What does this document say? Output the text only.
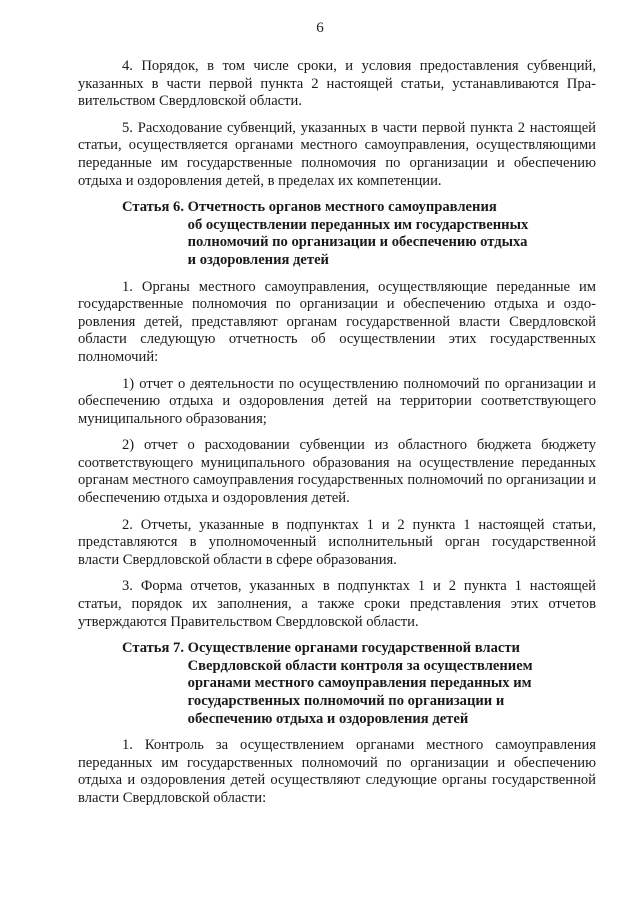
6

4. Порядок, в том числе сроки, и условия предоставления субвенций, указанных в части первой пункта 2 настоящей статьи, устанавливаются Правительством Свердловской области.

5. Расходование субвенций, указанных в части первой пункта 2 настоящей статьи, осуществляется органами местного самоуправления, осуществляющими переданные им государственные полномочия по организации и обеспечению отдыха и оздоровления детей, в пределах их компетенции.

Статья 6. Отчетность органов местного самоуправления
об осуществлении переданных им государственных
полномочий по организации и обеспечению отдыха
и оздоровления детей

1. Органы местного самоуправления, осуществляющие переданные им государственные полномочия по организации и обеспечению отдыха и оздоровления детей, представляют органам государственной власти Свердловской области следующую отчетность об осуществлении этих государственных полномочий:

1) отчет о деятельности по осуществлению полномочий по организации и обеспечению отдыха и оздоровления детей на территории соответствующего муниципального образования;

2) отчет о расходовании субвенции из областного бюджета бюджету соответствующего муниципального образования на осуществление переданных органам местного самоуправления государственных полномочий по организации и обеспечению отдыха и оздоровления детей.

2. Отчеты, указанные в подпунктах 1 и 2 пункта 1 настоящей статьи, представляются в уполномоченный исполнительный орган государственной власти Свердловской области в сфере образования.

3. Форма отчетов, указанных в подпунктах 1 и 2 пункта 1 настоящей статьи, порядок их заполнения, а также сроки представления этих отчетов утверждаются Правительством Свердловской области.

Статья 7. Осуществление органами государственной власти
Свердловской области контроля за осуществлением
органами местного самоуправления переданных им
государственных полномочий по организации и
обеспечению отдыха и оздоровления детей

1. Контроль за осуществлением органами местного самоуправления переданных им государственных полномочий по организации и обеспечению отдыха и оздоровления детей осуществляют следующие органы государственной власти Свердловской области:
